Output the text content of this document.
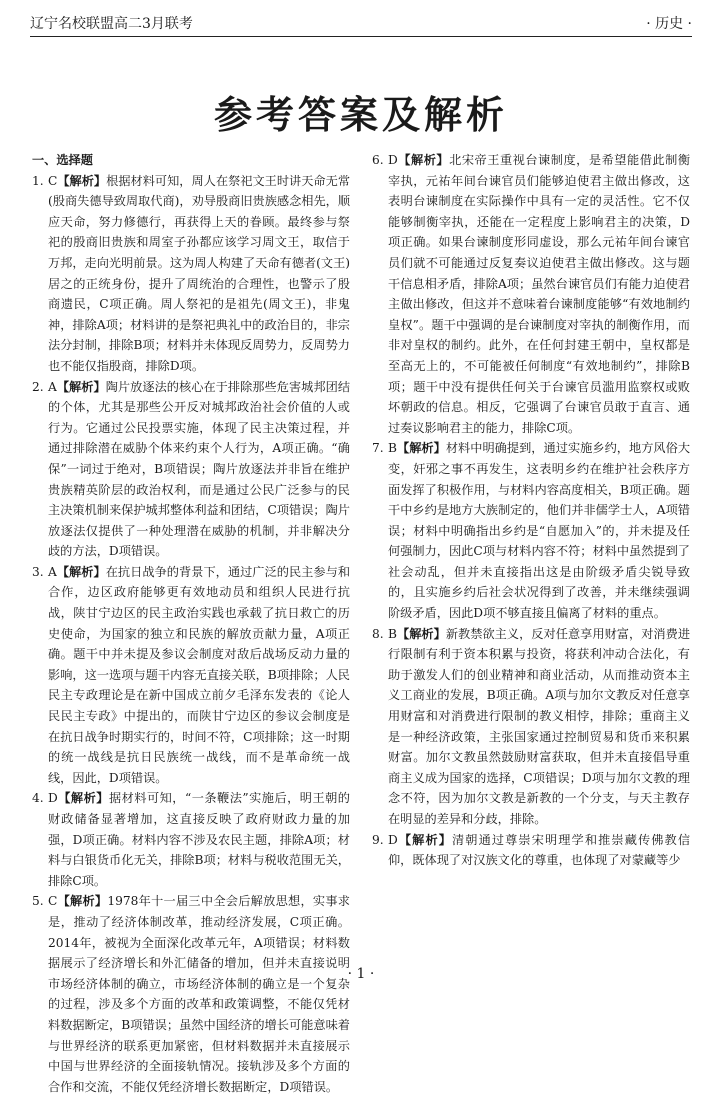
辽宁名校联盟高二3月联考	· 历史 ·
参考答案及解析
一、选择题
1. C【解析】根据材料可知，周人在祭祀文王时讲天命无常(殷商失德导致周取代商)，劝导殷商旧贵族感念相先，顺应天命，努力修德行，再获得上天的眷顾。最终参与祭祀的殷商旧贵族和周室子孙都应该学习周文王，取信于万邦，走向光明前景。这为周人构建了天命有德者(文王)居之的正统身份，提升了周统治的合理性，也警示了殷商遗民，C项正确。周人祭祀的是祖先(周文王)，非鬼神，排除A项；材料讲的是祭祀典礼中的政治目的，非宗法分封制，排除B项；材料并未体现反周势力，反周势力也不能仅指殷商，排除D项。
2. A【解析】陶片放逐法的核心在于排除那些危害城邦团结的个体，尤其是那些公开反对城邦政治社会价值的人或行为。它通过公民投票实施，体现了民主决策过程，并通过排除潜在威胁个体来约束个人行为，A项正确。“确保”一词过于绝对，B项错误；陶片放逐法并非旨在维护贵族精英阶层的政治权利，而是通过公民广泛参与的民主决策机制来保护城邦整体利益和团结，C项错误；陶片放逐法仅提供了一种处理潜在威胁的机制，并非解决分歧的方法，D项错误。
3. A【解析】在抗日战争的背景下，通过广泛的民主参与和合作，边区政府能够更有效地动员和组织人民进行抗战，陕甘宁边区的民主政治实践也承载了抗日救亡的历史使命，为国家的独立和民族的解放贡献力量，A项正确。题干中并未提及参议会制度对敌后战场反动力量的影响，这一选项与题干内容无直接关联，B项排除；人民民主专政理论是在新中国成立前夕毛泽东发表的《论人民民主专政》中提出的，而陕甘宁边区的参议会制度是在抗日战争时期实行的，时间不符，C项排除；这一时期的统一战线是抗日民族统一战线，而不是革命统一战线，因此，D项错误。
4. D【解析】据材料可知，“一条鞭法”实施后，明王朝的财政储备显著增加，这直接反映了政府财政力量的加强，D项正确。材料内容不涉及农民主题，排除A项；材料与白银货币化无关，排除B项；材料与税收范围无关，排除C项。
5. C【解析】1978年十一届三中全会后解放思想，实事求是，推动了经济体制改革，推动经济发展，C项正确。2014年，被视为全面深化改革元年，A项错误；材料数据展示了经济增长和外汇储备的增加，但并未直接说明市场经济体制的确立，市场经济体制的确立是一个复杂的过程，涉及多个方面的改革和政策调整，不能仅凭材料数据断定，B项错误；虽然中国经济的增长可能意味着与世界经济的联系更加紧密，但材料数据并未直接展示中国与世界经济的全面接轨情况。接轨涉及多个方面的合作和交流，不能仅凭经济增长数据断定，D项错误。
6. D【解析】北宋帝王重视台谏制度，是希望能借此制衡宰执，元祐年间台谏官员们能够迫使君主做出修改，这表明台谏制度在实际操作中具有一定的灵活性。它不仅能够制衡宰执，还能在一定程度上影响君主的决策，D项正确。如果台谏制度形同虚设，那么元祐年间台谏官员们就不可能通过反复奏议迫使君主做出修改。这与题干信息相矛盾，排除A项；虽然台谏官员们有能力迫使君主做出修改，但这并不意味着台谏制度能够“有效地制约皇权”。题干中强调的是台谏制度对宰执的制衡作用，而非对皇权的制约。此外，在任何封建王朝中，皇权都是至高无上的，不可能被任何制度“有效地制约”，排除B项；题干中没有提供任何关于台谏官员滥用监察权或败坏朝政的信息。相反，它强调了台谏官员敢于直言、通过奏议影响君主的能力，排除C项。
7. B【解析】材料中明确提到，通过实施乡约，地方风俗大变，奸邪之事不再发生，这表明乡约在维护社会秩序方面发挥了积极作用，与材料内容高度相关，B项正确。题干中乡约是地方大族制定的，他们并非儒学士人，A项错误；材料中明确指出乡约是“自愿加入”的，并未提及任何强制力，因此C项与材料内容不符；材料中虽然提到了社会动乱，但并未直接指出这是由阶级矛盾尖锐导致的，且实施乡约后社会状况得到了改善，并未继续强调阶级矛盾，因此D项不够直接且偏离了材料的重点。
8. B【解析】新教禁欲主义，反对任意享用财富，对消费进行限制有利于资本积累与投资，将获利冲动合法化，有助于激发人们的创业精神和商业活动，从而推动资本主义工商业的发展，B项正确。A项与加尔文教反对任意享用财富和对消费进行限制的教义相悖，排除；重商主义是一种经济政策，主张国家通过控制贸易和货币来积累财富。加尔文教虽然鼓励财富获取，但并未直接倡导重商主义成为国家的选择，C项错误；D项与加尔文教的理念不符，因为加尔文教是新教的一个分支，与天主教存在明显的差异和分歧，排除。
9. D【解析】清朝通过尊崇宋明理学和推崇藏传佛教信仰，既体现了对汉族文化的尊重，也体现了对蒙藏等少
· 1 ·
